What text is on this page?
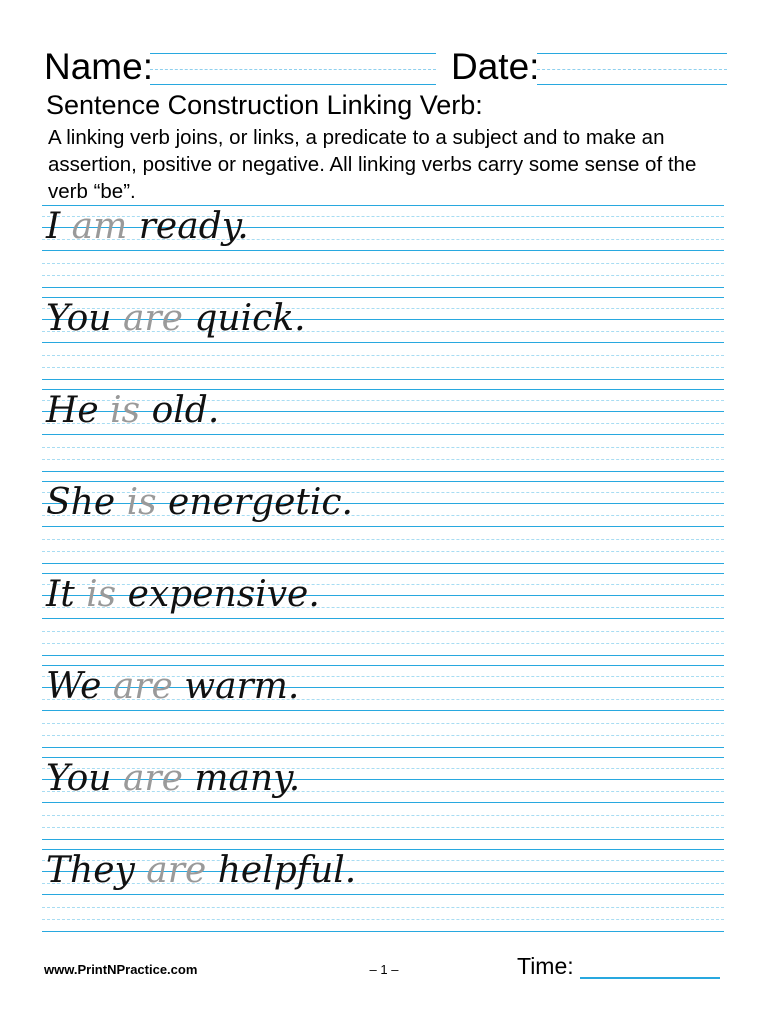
Name:	Date:
Sentence Construction Linking Verb:
A linking verb joins, or links, a predicate to a subject and to make an assertion, positive or negative. All linking verbs carry some sense of the verb “be”.
I am ready.
You are quick.
He is old.
She is energetic.
It is expensive.
We are warm.
You are many.
They are helpful.
www.PrintNPractice.com	– 1 –	Time:
